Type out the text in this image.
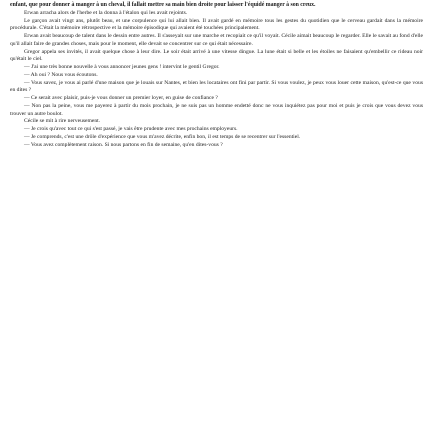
enfant, que pour donner à manger à un cheval, il fallait mettre sa main bien droite pour laisser l'équidé manger à son creux.

Erwan arracha alors de l'herbe et la donna à l'étalon qui les avait rejoints.

Le garçon avait vingt ans, plutôt beau, et une corpulence qui lui allait bien. Il avait gardé en mémoire tous les gestes du quotidien que le cerveau gardait dans la mémoire procédurale. C'était la mémoire rétrospective et la mémoire épisodique qui avaient été touchées principalement.

Erwan avait beaucoup de talent dans le dessin entre autres. Il s'asseyait sur une marche et recopiait ce qu'il voyait. Cécile aimait beaucoup le regarder. Elle le savait au fond d'elle qu'il allait faire de grandes choses, mais pour le moment, elle devait se concentrer sur ce qui était nécessaire.

Gregor appela ses invités, il avait quelque chose à leur dire. Le soir était arrivé à une vitesse dingue. La lune était si belle et les étoiles ne faisaient qu'embellir ce rideau noir qu'était le ciel.

— J'ai une très bonne nouvelle à vous annoncer jeunes gens ! intervint le gentil Gregor.

— Ah oui ? Nous vous écoutons.

— Vous savez, je vous ai parlé d'une maison que je louais sur Nantes, et bien les locataires ont fini par partir. Si vous voulez, je peux vous louer cette maison, qu'est-ce que vous en dites ?

— Ce serait avec plaisir, puis-je vous donner un premier loyer, en guise de confiance ?

— Non pas la peine, vous me payerez à partir du mois prochain, je ne suis pas un homme endetté donc ne vous inquiétez pas pour moi et puis je crois que vous devez vous trouver un autre boulot.

Cécile se mit à rire nerveusement.

— Je crois qu'avec tout ce qui s'est passé, je vais être prudente avec mes prochains employeurs.

— Je comprends, c'est une drôle d'expérience que vous m'avez décrite, enfin bon, il est temps de se recentrer sur l'essentiel.

— Vous avez complètement raison. Si nous partons en fin de semaine, qu'en dites-vous ?
